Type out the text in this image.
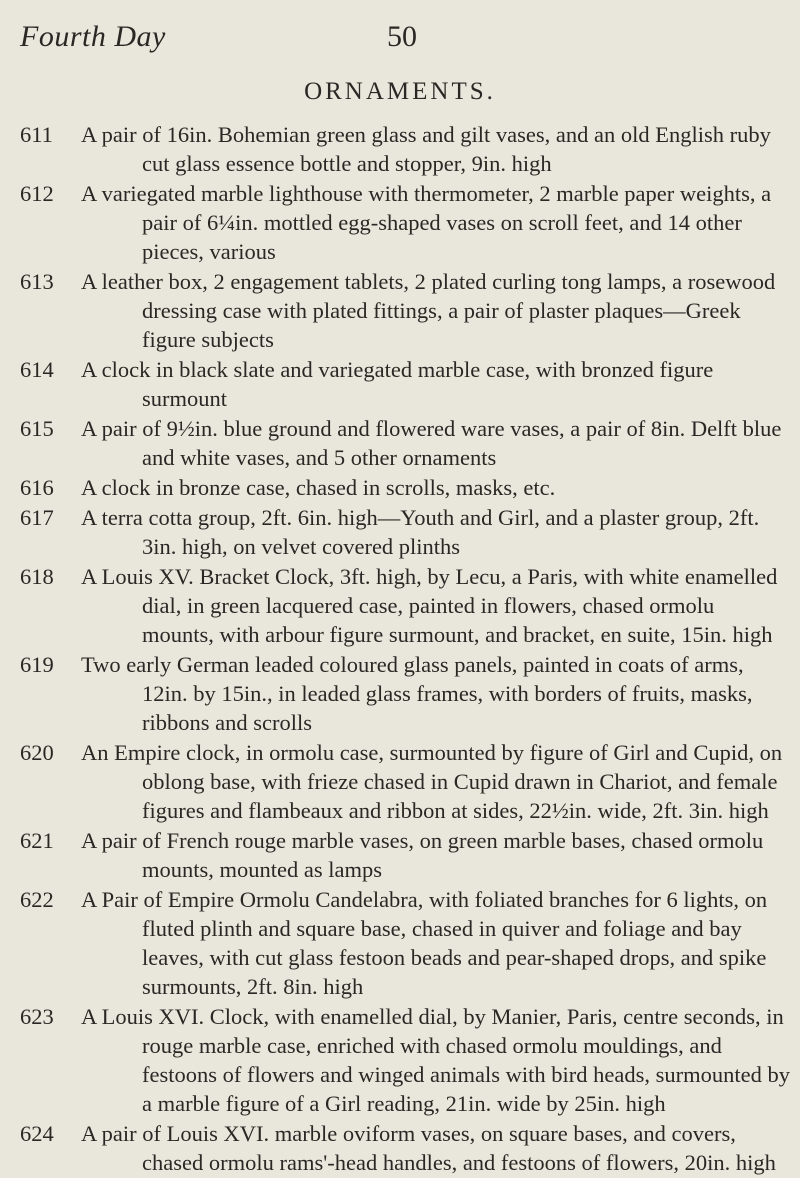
Fourth Day	50
ORNAMENTS.
611	A pair of 16in. Bohemian green glass and gilt vases, and an old English ruby cut glass essence bottle and stopper, 9in. high
612	A variegated marble lighthouse with thermometer, 2 marble paper weights, a pair of 6¼in. mottled egg-shaped vases on scroll feet, and 14 other pieces, various
613	A leather box, 2 engagement tablets, 2 plated curling tong lamps, a rosewood dressing case with plated fittings, a pair of plaster plaques—Greek figure subjects
614	A clock in black slate and variegated marble case, with bronzed figure surmount
615	A pair of 9½in. blue ground and flowered ware vases, a pair of 8in. Delft blue and white vases, and 5 other ornaments
616	A clock in bronze case, chased in scrolls, masks, etc.
617	A terra cotta group, 2ft. 6in. high—Youth and Girl, and a plaster group, 2ft. 3in. high, on velvet covered plinths
618	A Louis XV. Bracket Clock, 3ft. high, by Lecu, a Paris, with white enamelled dial, in green lacquered case, painted in flowers, chased ormolu mounts, with arbour figure surmount, and bracket, en suite, 15in. high
619	Two early German leaded coloured glass panels, painted in coats of arms, 12in. by 15in., in leaded glass frames, with borders of fruits, masks, ribbons and scrolls
620	An Empire clock, in ormolu case, surmounted by figure of Girl and Cupid, on oblong base, with frieze chased in Cupid drawn in Chariot, and female figures and flambeaux and ribbon at sides, 22½in. wide, 2ft. 3in. high
621	A pair of French rouge marble vases, on green marble bases, chased ormolu mounts, mounted as lamps
622	A Pair of Empire Ormolu Candelabra, with foliated branches for 6 lights, on fluted plinth and square base, chased in quiver and foliage and bay leaves, with cut glass festoon beads and pear-shaped drops, and spike surmounts, 2ft. 8in. high
623	A Louis XVI. Clock, with enamelled dial, by Manier, Paris, centre seconds, in rouge marble case, enriched with chased ormolu mouldings, and festoons of flowers and winged animals with bird heads, surmounted by a marble figure of a Girl reading, 21in. wide by 25in. high
624	A pair of Louis XVI. marble oviform vases, on square bases, and covers, chased ormolu rams'-head handles, and festoons of flowers, 20in. high
